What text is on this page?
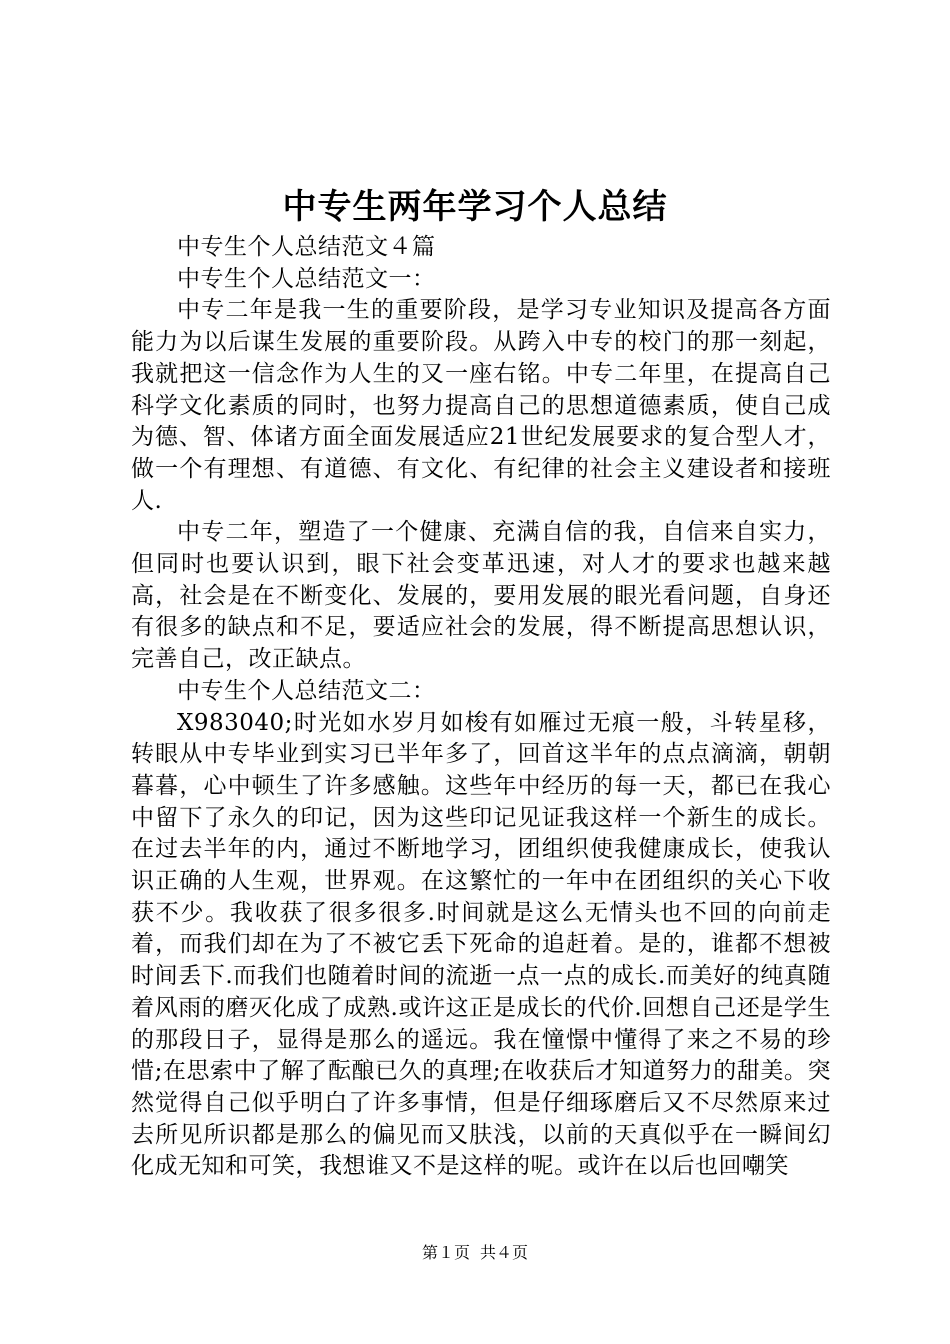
中专生两年学习个人总结

中专生个人总结范文４篇

中专生个人总结范文一：

中专二年是我一生的重要阶段，是学习专业知识及提高各方面能力为以后谋生发展的重要阶段。从跨入中专的校门的那一刻起，我就把这一信念作为人生的又一座右铭。中专二年里，在提高自己科学文化素质的同时，也努力提高自己的思想道德素质，使自己成为德、智、体诸方面全面发展适应21世纪发展要求的复合型人才，做一个有理想、有道德、有文化、有纪律的社会主义建设者和接班人.

中专二年，塑造了一个健康、充满自信的我，自信来自实力，但同时也要认识到，眼下社会变革迅速，对人才的要求也越来越高，社会是在不断变化、发展的，要用发展的眼光看问题，自身还有很多的缺点和不足，要适应社会的发展，得不断提高思想认识，完善自己，改正缺点。

中专生个人总结范文二：

X983040;时光如水岁月如梭有如雁过无痕一般，斗转星移，转眼从中专毕业到实习已半年多了，回首这半年的点点滴滴，朝朝暮暮，心中顿生了许多感触。这些年中经历的每一天，都已在我心中留下了永久的印记，因为这些印记见证我这样一个新生的成长。在过去半年的内，通过不断地学习，团组织使我健康成长，使我认识正确的人生观，世界观。在这繁忙的一年中在团组织的关心下收获不少。我收获了很多很多.时间就是这么无情头也不回的向前走着，而我们却在为了不被它丢下死命的追赶着。是的，谁都不想被时间丢下.而我们也随着时间的流逝一点一点的成长.而美好的纯真随着风雨的磨灭化成了成熟.或许这正是成长的代价.回想自己还是学生的那段日子，显得是那么的遥远。我在憧憬中懂得了来之不易的珍惜;在思索中了解了酝酿已久的真理;在收获后才知道努力的甜美。突然觉得自己似乎明白了许多事情，但是仔细琢磨后又不尽然原来过去所见所识都是那么的偏见而又肤浅，以前的天真似乎在一瞬间幻化成无知和可笑，我想谁又不是这样的呢。或许在以后也回嘲笑

第１页 共４页
